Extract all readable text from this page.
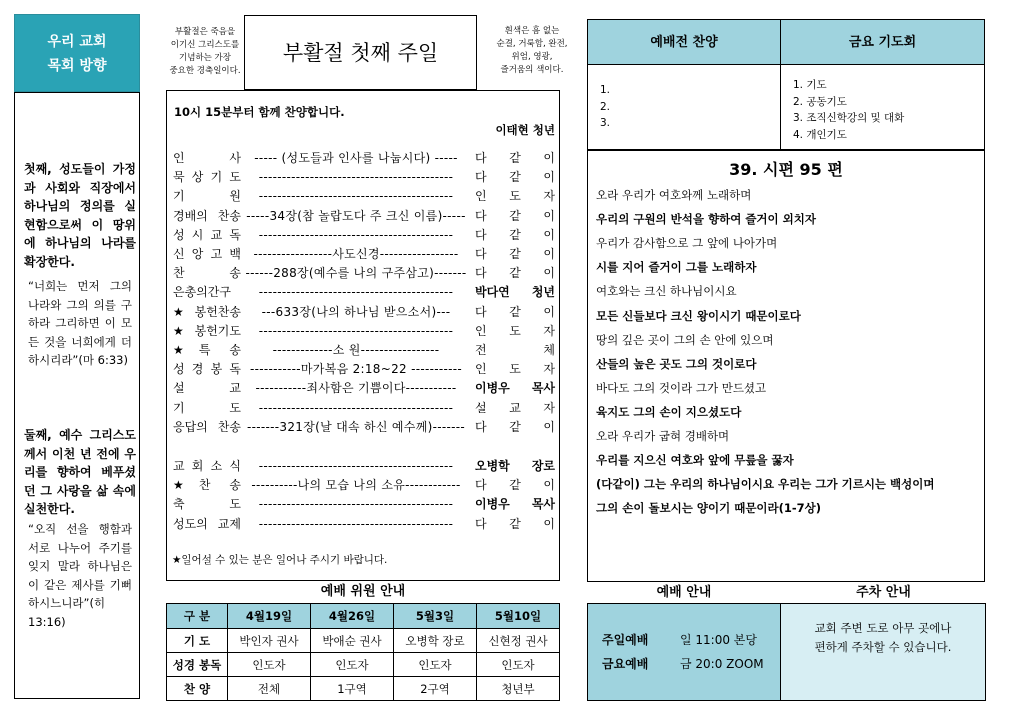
우리 교회
목회 방향
첫째, 성도들이 가정과 사회와 직장에서 하나님의 정의를 실현함으로써 이 땅위에 하나님의 나라를 확장한다.
“너희는 먼저 그의 나라와 그의 의를 구하라 그리하면 이 모든 것을 너희에게 더하시리라”(마 6:33)
둘째, 예수 그리스도께서 이천 년 전에 우리를 향하여 베푸셨던 그 사랑을 삶 속에 실천한다.
“오직 선을 행함과 서로 나누어 주기를 잊지 말라 하나님은 이 같은 제사를 기뻐하시느니라”(히 13:16)
부활절은 죽음을
이기신 그리스도를
기념하는 가장
중요한 경축일이다.
부활절 첫째 주일
흰색은 흠 없는
순결, 거룩함, 완전,
위엄, 영광,
즐거움의 색이다.
10시 15분부터 함께 찬양합니다.
이태현 청년
인 사	----- (성도들과 인사를 나눕시다) -----	다 같 이
묵 상 기 도	------------------------------------------	다 같 이
기 원	------------------------------------------	인 도 자
경배의 찬송 -----34장(참 놀랍도다 주 크신 이름)----- 다 같 이
성 시 교 독	------------------------------------------	다 같 이
신 앙 고 백	-----------------사도신경-----------------	다 같 이
찬 송 ------288장(예수를 나의 구주삼고)------- 다 같 이
은총의간구	------------------------------------------	박다연 청년
★봉헌찬송	---633장(나의 하나님 받으소서)---	다 같 이
★봉헌기도	------------------------------------------	인 도 자
★특 송	-------------소 원-----------------	전 체
성 경 봉 독 -----------마가복음 2:18~22 -----------	인 도 자
설 교	-----------죄사함은 기쁨이다-----------	이병우 목사
기 도	------------------------------------------	설 교 자
응답의 찬송 -------321장(날 대속 하신 예수께)------- 다 같 이
교 회 소 식	------------------------------------------	오병학 장로
★찬 송 ----------나의 모습 나의 소유------------	다 같 이
축 도	------------------------------------------	이병우 목사
성도의 교제	------------------------------------------	다 같 이
★일어설 수 있는 분은 일어나 주시기 바랍니다.
예배 위원 안내
구 분	4월19일	4월26일	5월3일	5월10일
기 도	박인자 권사	박애순 권사	오병학 장로	신현정 권사
성경 봉독	인도자	인도자	인도자	인도자
찬 양	전체	1구역	2구역	청년부
예배전 찬양	금요 기도회
1.
2.
3.
1. 기도
2. 공동기도
3. 조직신학강의 및 대화
4. 개인기도
39. 시편 95 편
오라 우리가 여호와께 노래하며
우리의 구원의 반석을 향하여 즐거이 외치자
우리가 감사함으로 그 앞에 나아가며
시를 지어 즐거이 그를 노래하자
여호와는 크신 하나님이시요
모든 신들보다 크신 왕이시기 때문이로다
땅의 깊은 곳이 그의 손 안에 있으며
산들의 높은 곳도 그의 것이로다
바다도 그의 것이라 그가 만드셨고
육지도 그의 손이 지으셨도다
오라 우리가 굽혀 경배하며
우리를 지으신 여호와 앞에 무릎을 꿇자
(다같이) 그는 우리의 하나님이시요 우리는 그가 기르시는 백성이며
그의 손이 돌보시는 양이기 때문이라(1-7상)
예배 안내	주차 안내
주일예배	일 11:00 본당
금요예배	금 20:0 ZOOM
교회 주변 도로 아무 곳에나
편하게 주차할 수 있습니다.
